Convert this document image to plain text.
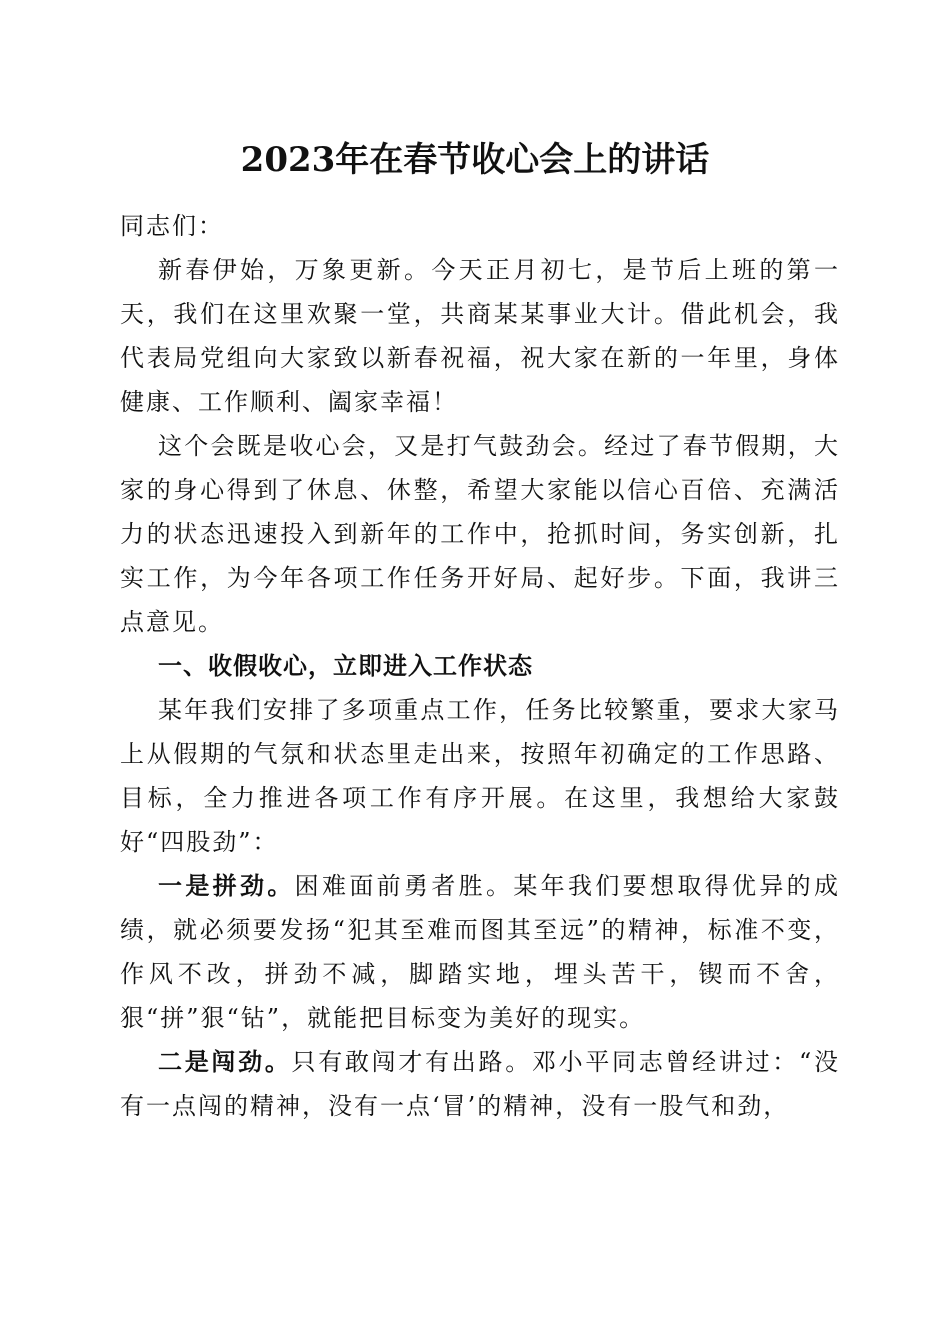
2023年在春节收心会上的讲话

同志们：

新春伊始，万象更新。今天正月初七，是节后上班的第一天，我们在这里欢聚一堂，共商某某事业大计。借此机会，我代表局党组向大家致以新春祝福，祝大家在新的一年里，身体健康、工作顺利、阖家幸福！

这个会既是收心会，又是打气鼓劲会。经过了春节假期，大家的身心得到了休息、休整，希望大家能以信心百倍、充满活力的状态迅速投入到新年的工作中，抢抓时间，务实创新，扎实工作，为今年各项工作任务开好局、起好步。下面，我讲三点意见。

一、收假收心，立即进入工作状态

某年我们安排了多项重点工作，任务比较繁重，要求大家马上从假期的气氛和状态里走出来，按照年初确定的工作思路、目标，全力推进各项工作有序开展。在这里，我想给大家鼓好“四股劲”：

一是拼劲。困难面前勇者胜。某年我们要想取得优异的成绩，就必须要发扬“犯其至难而图其至远”的精神，标准不变，作风不改，拼劲不减，脚踏实地，埋头苦干，锲而不舍，狠“拼”狠“钻”，就能把目标变为美好的现实。

二是闯劲。只有敢闯才有出路。邓小平同志曾经讲过：“没有一点闯的精神，没有一点‘冒’的精神，没有一股气和劲，
